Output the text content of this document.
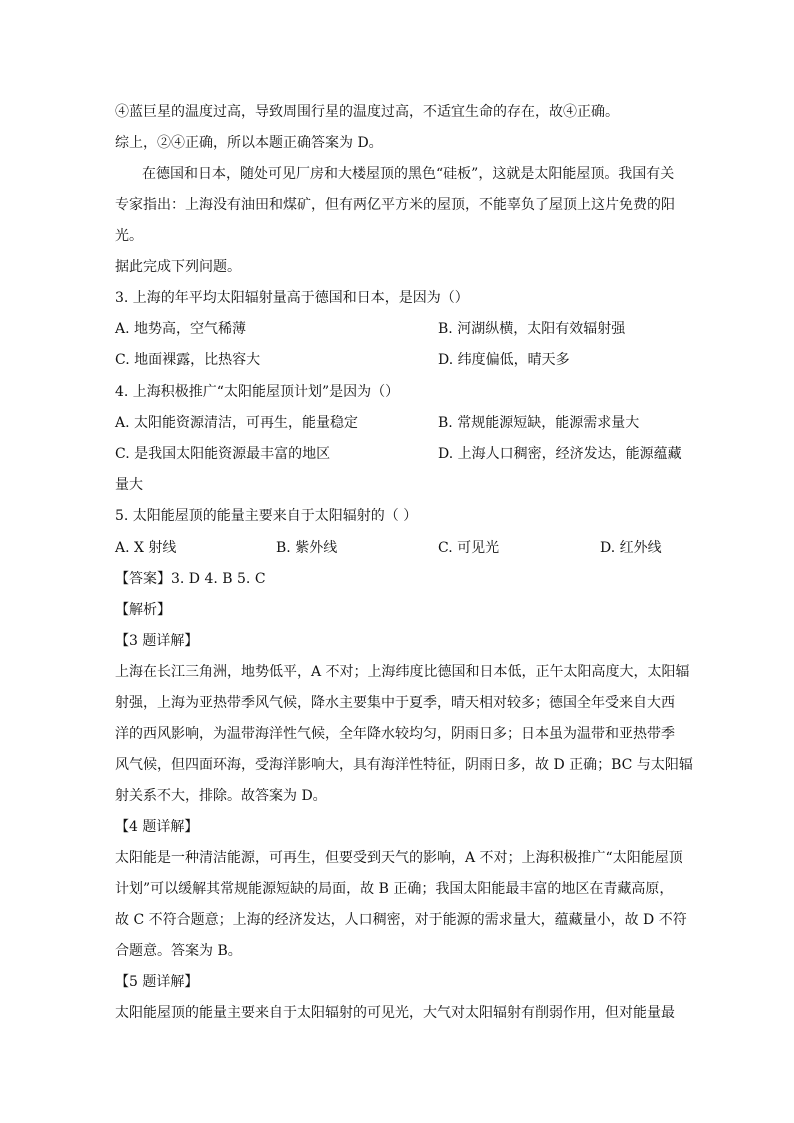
④蓝巨星的温度过高，导致周围行星的温度过高，不适宜生命的存在，故④正确。
综上，②④正确，所以本题正确答案为 D。
在德国和日本，随处可见厂房和大楼屋顶的黑色“硅板”，这就是太阳能屋顶。我国有关
专家指出：上海没有油田和煤矿，但有两亿平方米的屋顶，不能辜负了屋顶上这片免费的阳
光。
据此完成下列问题。
3. 上海的年平均太阳辐射量高于德国和日本，是因为（）
A. 地势高，空气稀薄	B. 河湖纵横，太阳有效辐射强
C. 地面裸露，比热容大	D. 纬度偏低，晴天多
4. 上海积极推广“太阳能屋顶计划”是因为（）
A. 太阳能资源清洁，可再生，能量稳定	B. 常规能源短缺，能源需求量大
C. 是我国太阳能资源最丰富的地区	D. 上海人口稠密，经济发达，能源蕴藏
量大
5. 太阳能屋顶的能量主要来自于太阳辐射的（ ）
A. X 射线	B. 紫外线	C. 可见光	D. 红外线
【答案】3. D 4. B 5. C
【解析】
【3 题详解】
上海在长江三角洲，地势低平，A 不对；上海纬度比德国和日本低，正午太阳高度大，太阳辐
射强，上海为亚热带季风气候，降水主要集中于夏季，晴天相对较多；德国全年受来自大西
洋的西风影响，为温带海洋性气候，全年降水较均匀，阴雨日多；日本虽为温带和亚热带季
风气候，但四面环海，受海洋影响大，具有海洋性特征，阴雨日多，故 D 正确；BC 与太阳辐
射关系不大，排除。故答案为 D。
【4 题详解】
太阳能是一种清洁能源，可再生，但要受到天气的影响，A 不对；上海积极推广“太阳能屋顶
计划”可以缓解其常规能源短缺的局面，故 B 正确；我国太阳能最丰富的地区在青藏高原，
故 C 不符合题意；上海的经济发达，人口稠密，对于能源的需求量大，蕴藏量小，故 D 不符
合题意。答案为 B。
【5 题详解】
太阳能屋顶的能量主要来自于太阳辐射的可见光，大气对太阳辐射有削弱作用，但对能量最
